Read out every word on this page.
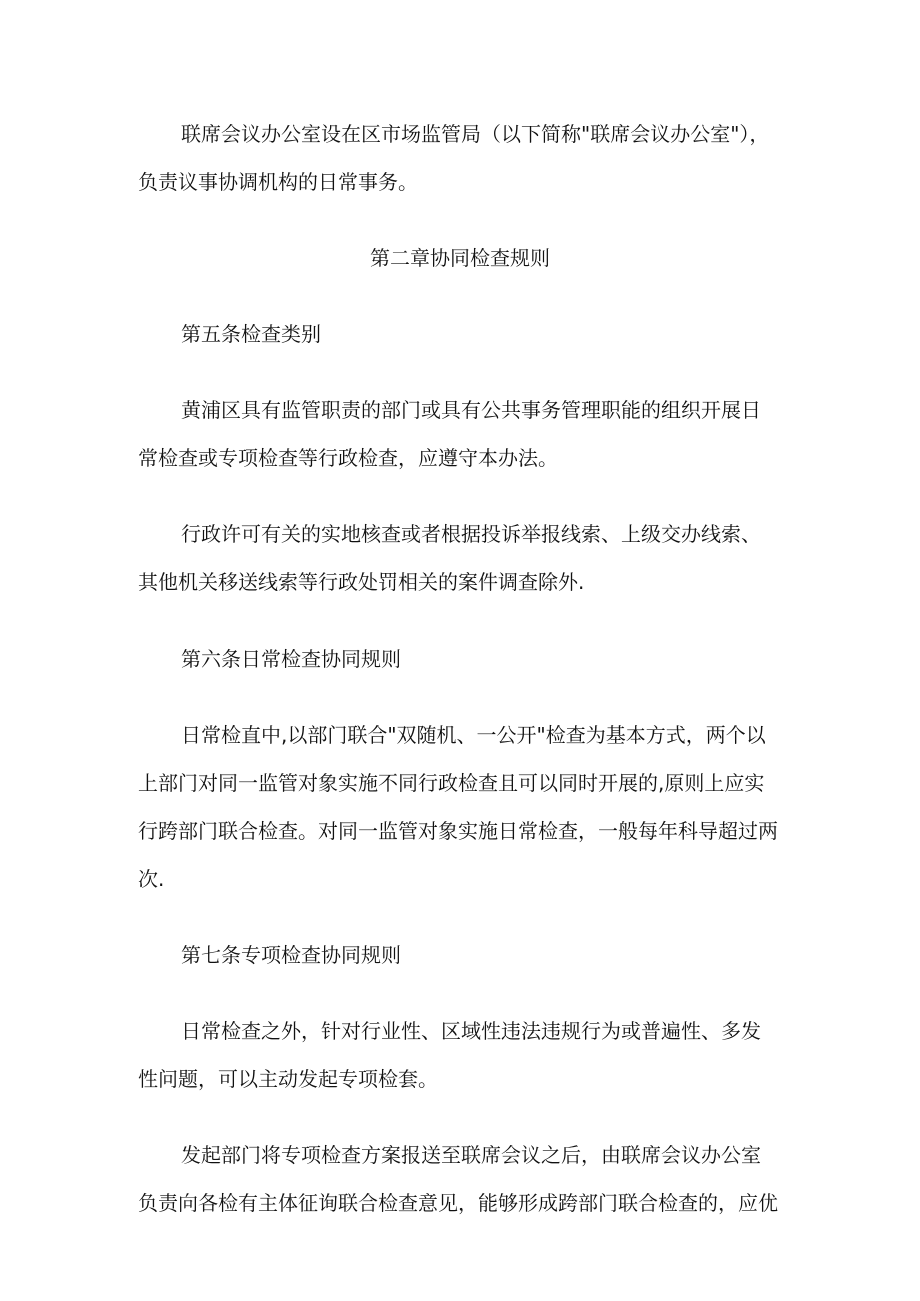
联席会议办公室设在区市场监管局（以下简称"联席会议办公室"），
负责议事协调机构的日常事务。
第二章协同检查规则
第五条检查类别
黄浦区具有监管职责的部门或具有公共事务管理职能的组织开展日
常检查或专项检查等行政检查，应遵守本办法。
行政许可有关的实地核查或者根据投诉举报线索、上级交办线索、
其他机关移送线索等行政处罚相关的案件调查除外.
第六条日常检查协同规则
日常检直中,以部门联合"双随机、一公开"检查为基本方式，两个以
上部门对同一监管对象实施不同行政检查且可以同时开展的,原则上应实
行跨部门联合检查。对同一监管对象实施日常检查，一般每年科导超过两
次.
第七条专项检查协同规则
日常检查之外，针对行业性、区域性违法违规行为或普遍性、多发
性问题，可以主动发起专项检套。
发起部门将专项检查方案报送至联席会议之后，由联席会议办公室
负责向各检有主体征询联合检查意见，能够形成跨部门联合检查的，应优
